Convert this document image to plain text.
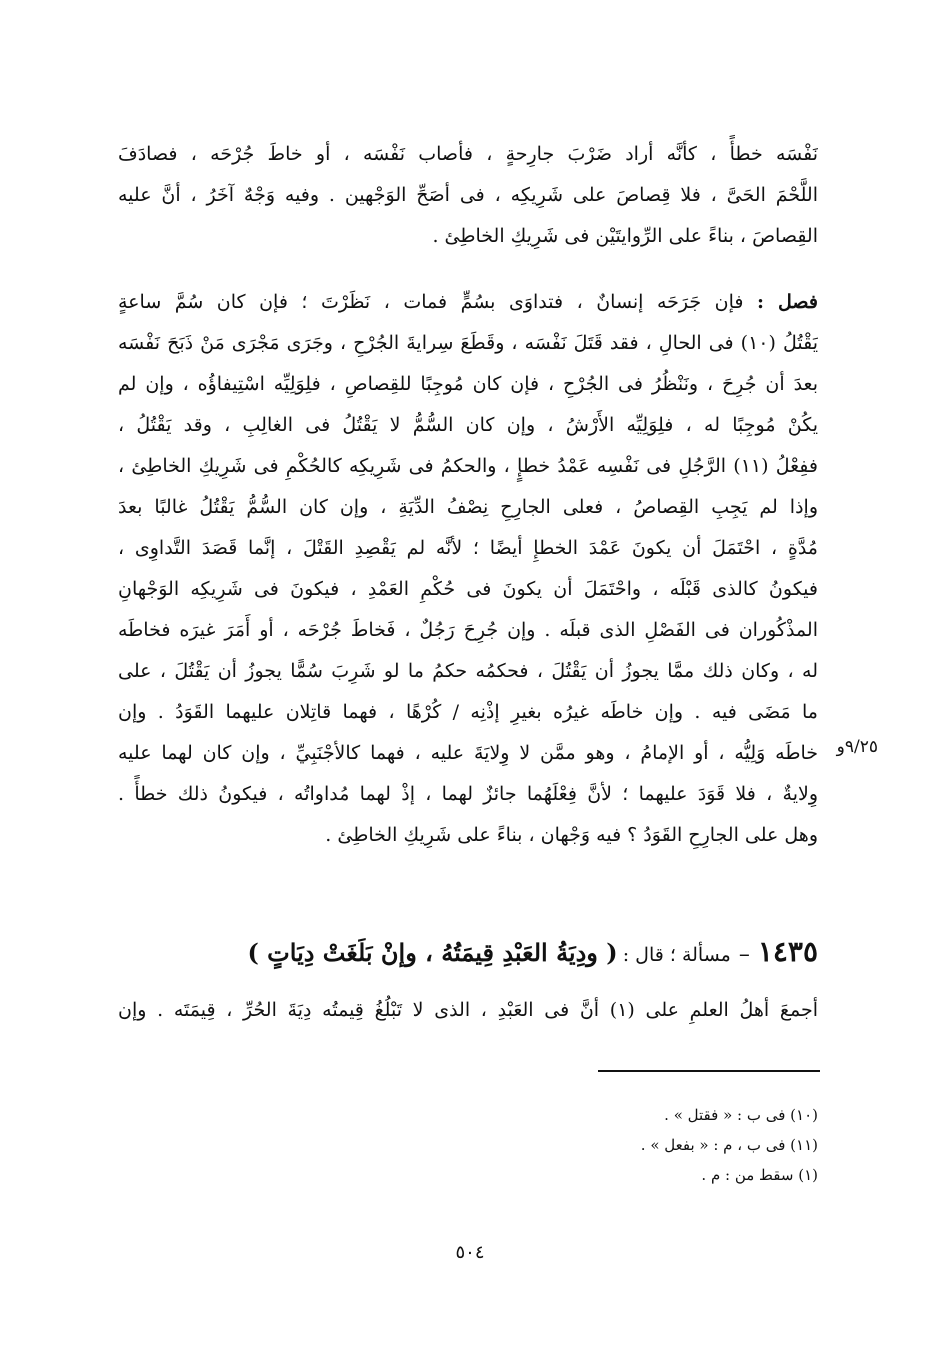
نَفْسَه خطأً ، كأنَّه أراد ضَرْبَ جارِحةٍ ، فأصاب نَفْسَه ، أو خاطَ جُرْحَه ، فصادَفَ
اللَّحْمَ الحَىَّ ، فلا قِصاصَ على شَرِيكِه ، فى أصَحِّ الوَجْهين . وفيه وَجْهٌ آخَرُ ، أنَّ عليه
القِصاصَ ، بناءً على الرِّوايتَيْن فى شَرِيكِ الخاطِئ .
فصل : فإن جَرَحَه إنسانٌ ، فتداوَى بسُمٍّ فمات ، نَظَرْتَ ؛ فإن كان سُمَّ ساعةٍ
يَقْتُلُ (١٠) فى الحالِ ، فقد قَتَلَ نَفْسَه ، وقَطَعَ سِرايةَ الجُرْحِ ، وجَرَى مَجْرَى مَنْ ذَبَحَ نَفْسَه
بعدَ أن جُرِحَ ، ونَنْظُرُ فى الجُرْحِ ، فإن كان مُوجِبًا للقِصاصِ ، فلِوَلِيِّه اسْتِيفاؤُه ، وإن لم
يكُنْ مُوجِبًا له ، فلِوَلِيِّه الأَرْشُ ، وإن كان السُّمُّ لا يَقْتُلُ فى الغالِبِ ، وقد يَقْتُلُ ،
ففِعْلُ (١١) الرَّجُلِ فى نَفْسِه عَمْدُ خطإٍ ، والحكمُ فى شَرِيكِه كالحُكْمِ فى شَرِيكِ الخاطِئ ،
وإذا لم يَجِبِ القِصاصُ ، فعلى الجارِحِ نِصْفُ الدِّيَةِ ، وإن كان السُّمُّ يَقْتُلُ غالبًا بعدَ
مُدَّةٍ ، احْتَمَلَ أن يكونَ عَمْدَ الخطإِ أيضًا ؛ لأنَّه لم يَقْصِدِ القَتْلَ ، إنَّما قَصَدَ التَّداوِى ،
فيكونُ كالذى قَبْلَه ، واحْتَمَلَ أن يكونَ فى حُكْمِ العَمْدِ ، فيكونَ فى شَرِيكِه الوَجْهانِ
المذْكُوران فى الفَصْلِ الذى قبلَه . وإن جُرِحَ رَجُلٌ ، فَخاطَ جُرْحَه ، أو أَمَرَ غيرَه فخاطَه
له ، وكان ذلك ممَّا يجوزُ أن يَقْتُلَ ، فحكمُه حكمُ ما لو شَرِبَ سُمًّا يجوزُ أن يَقْتُلَ ، على
ما مَضَى فيه . وإن خاطَه غيرُه بغيرِ إذْنِه / كُرْهًا ، فهما قاتِلان عليهما القَوَدُ . وإن
خاطَه وَلِيُّه ، أو الإمامُ ، وهو ممَّن لا وِلايَةَ عليه ، فهما كالأجْنَبِيِّ ، وإن كان لهما عليه
وِلايةٌ ، فلا قَوَدَ عليهما ؛ لأنَّ فِعْلَهُما جائزٌ لهما ، إذْ لهما مُداواتُه ، فيكونُ ذلك خطأً .
وهل على الجارِحِ القَوَدُ ؟ فيه وَجْهان ، بناءً على شَرِيكِ الخاطِئ .
٩/٢٥و
١٤٣٥–مسألة ؛ قال : ( ودِيَةُ العَبْدِ قِيمَتُهُ ، وإنْ بَلَغَتْ دِيَاتٍ )
أجمعَ أهلُ العلمِ على (١) أنَّ فى العَبْدِ ، الذى لا تَبْلُغُ قِيمتُه دِيَةَ الحُرِّ ، قِيمَتَه . وإن
(١٠) فى ب : « فقتل » .
(١١) فى ب ، م : « بفعل » .
(١) سقط من : م .
٥٠٤
